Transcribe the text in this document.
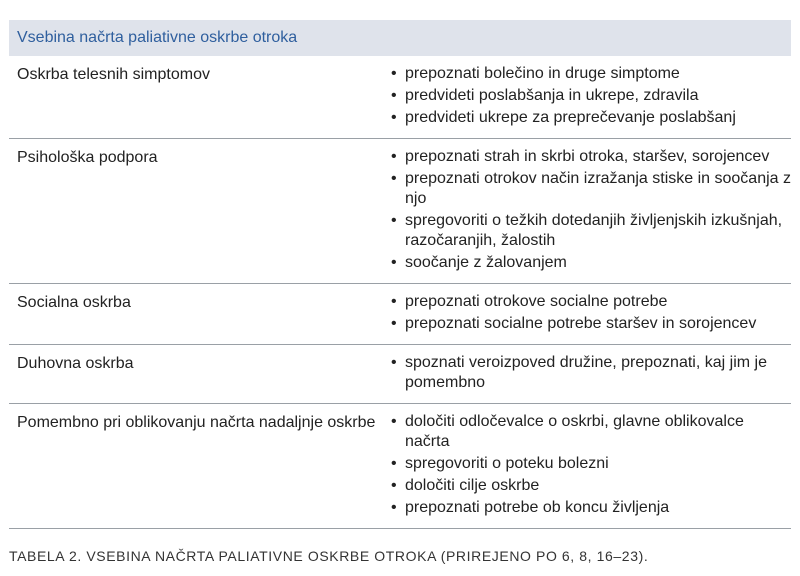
Vsebina načrta paliativne oskrbe otroka
Oskrba telesnih simptomov	• prepoznati bolečino in druge simptome
• predvideti poslabšanja in ukrepe, zdravila
• predvideti ukrepe za preprečevanje poslabšanj
Psihološka podpora	• prepoznati strah in skrbi otroka, staršev, sorojencev
• prepoznati otrokov način izražanja stiske in soočanja z njo
• spregovoriti o težkih dotedanjih življenjskih izkušnjah, razočaranjih, žalostih
• soočanje z žalovanjem
Socialna oskrba	• prepoznati otrokove socialne potrebe
• prepoznati socialne potrebe staršev in sorojencev
Duhovna oskrba	• spoznati veroizpoved družine, prepoznati, kaj jim je pomembno
Pomembno pri oblikovanju načrta nadaljnje oskrbe • določiti odločevalce o oskrbi, glavne oblikovalce načrta
• spregovoriti o poteku bolezni
• določiti cilje oskrbe
• prepoznati potrebe ob koncu življenja
TABELA 2. VSEBINA NAČRTA PALIATIVNE OSKRBE OTROKA (PRIREJENO PO 6, 8, 16–23).
